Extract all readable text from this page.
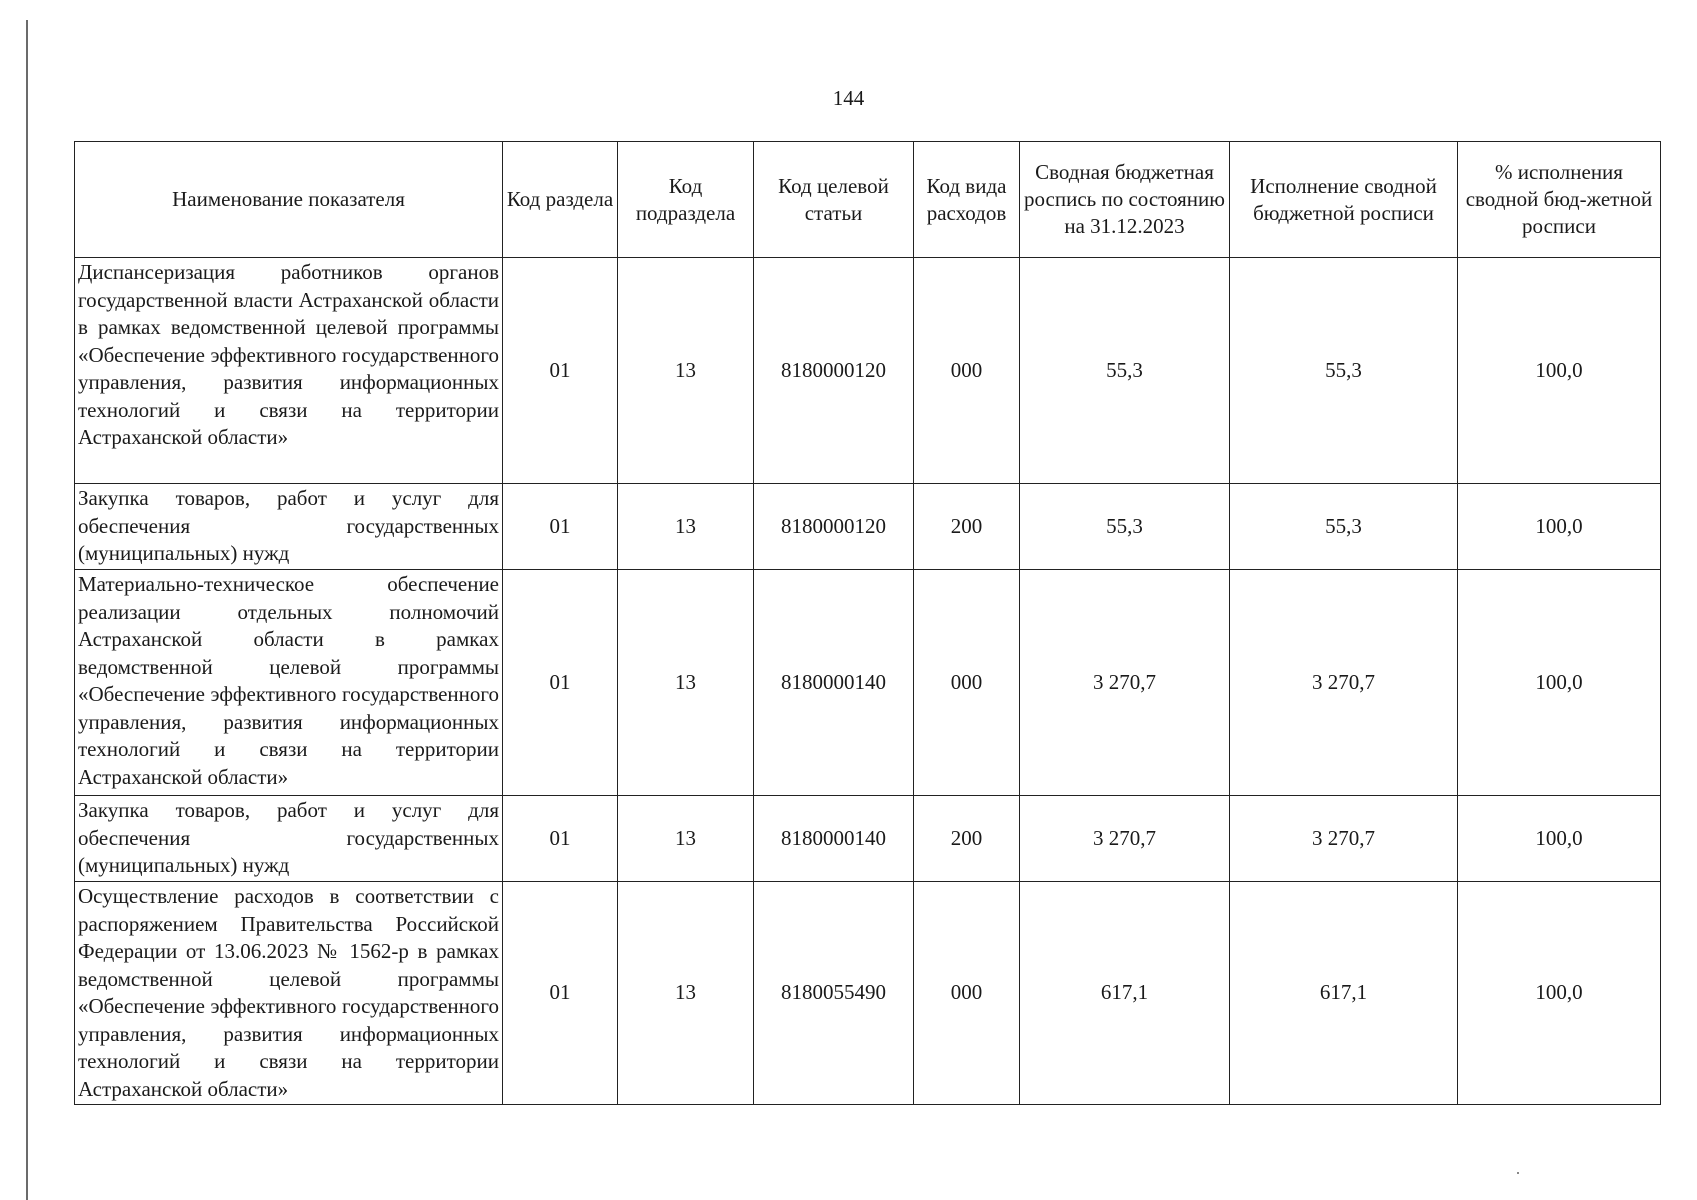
144
Наименование показателя	Код раздела	Код подраздела	Код целевой статьи	Код вида расходов	Сводная бюджетная роспись по состоянию на 31.12.2023	Исполнение сводной бюджетной росписи	% исполнения сводной бюд-жетной росписи
Диспансеризация работников органов государственной власти Астраханской области в рамках ведомственной целевой программы «Обеспечение эффективного государственного управления, развития информационных технологий и связи на территории Астраханской области»	01	13	8180000120	000	55,3	55,3	100,0
Закупка товаров, работ и услуг для обеспечения государственных (муниципальных) нужд	01	13	8180000120	200	55,3	55,3	100,0
Материально-техническое обеспечение реализации отдельных полномочий Астраханской области в рамках ведомственной целевой программы «Обеспечение эффективного государственного управления, развития информационных технологий и связи на территории Астраханской области»	01	13	8180000140	000	3 270,7	3 270,7	100,0
Закупка товаров, работ и услуг для обеспечения государственных (муниципальных) нужд	01	13	8180000140	200	3 270,7	3 270,7	100,0
Осуществление расходов в соответствии с распоряжением Правительства Российской Федерации от 13.06.2023 № 1562-р в рамках ведомственной целевой программы «Обеспечение эффективного государственного управления, развития информационных технологий и связи на территории Астраханской области»	01	13	8180055490	000	617,1	617,1	100,0
